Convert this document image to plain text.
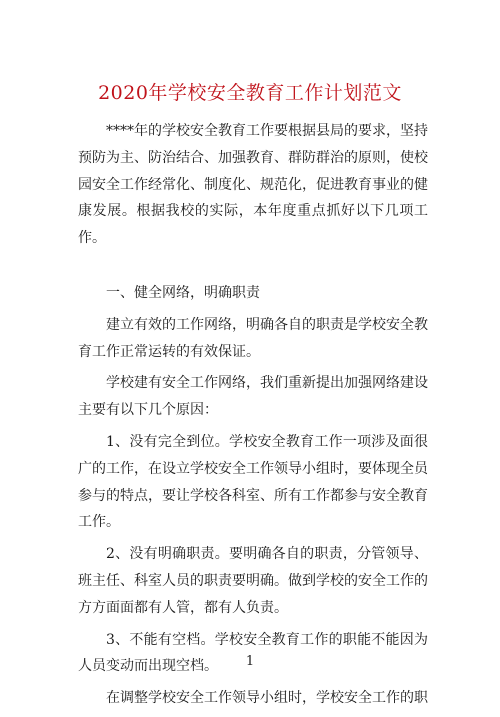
2020年学校安全教育工作计划范文

****年的学校安全教育工作要根据县局的要求，坚持预防为主、防治结合、加强教育、群防群治的原则，使校园安全工作经常化、制度化、规范化，促进教育事业的健康发展。根据我校的实际，本年度重点抓好以下几项工作。

一、健全网络，明确职责

建立有效的工作网络，明确各自的职责是学校安全教育工作正常运转的有效保证。

学校建有安全工作网络，我们重新提出加强网络建设主要有以下几个原因：

1、没有完全到位。学校安全教育工作一项涉及面很广的工作，在设立学校安全工作领导小组时，要体现全员参与的特点，要让学校各科室、所有工作都参与安全教育工作。

2、没有明确职责。要明确各自的职责，分管领导、班主任、科室人员的职责要明确。做到学校的安全工作的方方面面都有人管，都有人负责。

3、不能有空档。学校安全教育工作的职能不能因为人员变动而出现空档。

在调整学校安全工作领导小组时，学校安全工作的职

1
